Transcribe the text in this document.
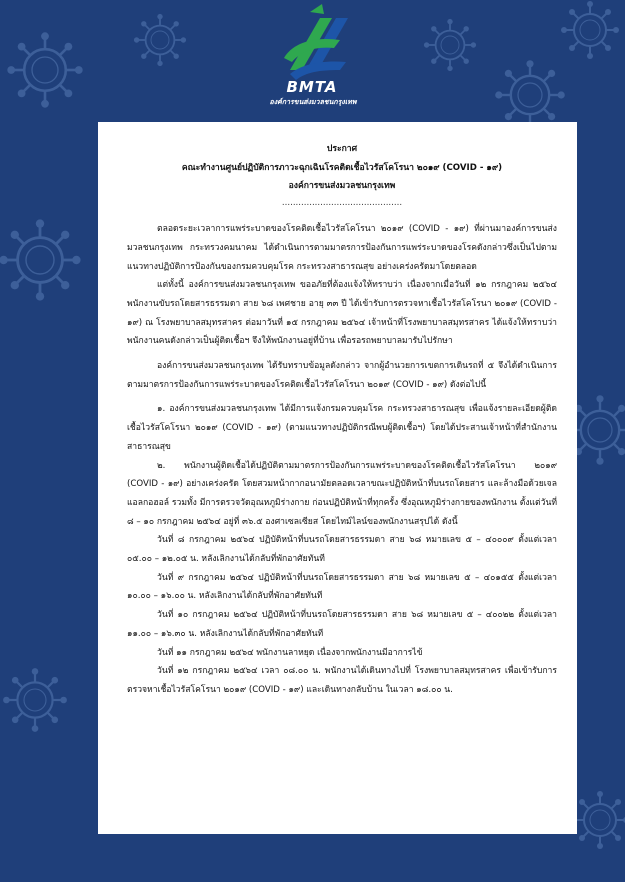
BMTA
องค์การขนส่งมวลชนกรุงเทพ
ประกาศ
คณะทำงานศูนย์ปฏิบัติการภาวะฉุกเฉินโรคติดเชื้อไวรัสโคโรนา ๒๐๑๙ (COVID - ๑๙)
องค์การขนส่งมวลชนกรุงเทพ
............................................

ตลอดระยะเวลาการแพร่ระบาดของโรคติดเชื้อไวรัสโคโรนา ๒๐๑๙ (COVID - ๑๙) ที่ผ่านมาองค์การขนส่งมวลชนกรุงเทพ กระทรวงคมนาคม ได้ดำเนินการตามมาตรการป้องกันการแพร่ระบาดของโรคดังกล่าวซึ่งเป็นไปตามแนวทางปฏิบัติการป้องกันของกรมควบคุมโรค กระทรวงสาธารณสุข อย่างเคร่งครัดมาโดยตลอด

แต่ทั้งนี้ องค์การขนส่งมวลชนกรุงเทพ ขออภัยที่ต้องแจ้งให้ทราบว่า เนื่องจากเมื่อวันที่ ๑๒ กรกฎาคม ๒๕๖๔ พนักงานขับรถโดยสารธรรมดา สาย ๖๘ เพศชาย อายุ ๓๓ ปี ได้เข้ารับการตรวจหาเชื้อไวรัสโคโรนา ๒๐๑๙ (COVID - ๑๙) ณ โรงพยาบาลสมุทรสาคร ต่อมาวันที่ ๑๕ กรกฎาคม ๒๕๖๔ เจ้าหน้าที่โรงพยาบาลสมุทรสาคร ได้แจ้งให้ทราบว่า พนักงานคนดังกล่าวเป็นผู้ติดเชื้อฯ จึงให้พนักงานอยู่ที่บ้าน เพื่อรอรถพยาบาลมารับไปรักษา

องค์การขนส่งมวลชนกรุงเทพ ได้รับทราบข้อมูลดังกล่าว จากผู้อำนวยการเขตการเดินรถที่ ๕ จึงได้ดำเนินการตามมาตรการป้องกันการแพร่ระบาดของโรคติดเชื้อไวรัสโคโรนา ๒๐๑๙ (COVID - ๑๙) ดังต่อไปนี้

๑. องค์การขนส่งมวลชนกรุงเทพ ได้มีการแจ้งกรมควบคุมโรค กระทรวงสาธารณสุข เพื่อแจ้งรายละเอียดผู้ติดเชื้อไวรัสโคโรนา ๒๐๑๙ (COVID - ๑๙) (ตามแนวทางปฏิบัติกรณีพบผู้ติดเชื้อฯ) โดยได้ประสานเจ้าหน้าที่สำนักงานสาธารณสุข

๒. พนักงานผู้ติดเชื้อได้ปฏิบัติตามมาตรการป้องกันการแพร่ระบาดของโรคติดเชื้อไวรัสโคโรนา ๒๐๑๙ (COVID - ๑๙) อย่างเคร่งครัด โดยสวมหน้ากากอนามัยตลอดเวลาขณะปฏิบัติหน้าที่บนรถโดยสาร และล้างมือด้วยเจลแอลกอฮอล์ รวมทั้ง มีการตรวจวัดอุณหภูมิร่างกาย ก่อนปฏิบัติหน้าที่ทุกครั้ง ซึ่งอุณหภูมิร่างกายของพนักงาน ตั้งแต่วันที่ ๘ – ๑๐ กรกฎาคม ๒๕๖๔ อยู่ที่ ๓๖.๕ องศาเซลเซียส โดยไทม์ไลน์ของพนักงานสรุปได้ ดังนี้

วันที่ ๘ กรกฎาคม ๒๕๖๔ ปฏิบัติหน้าที่บนรถโดยสารธรรมดา สาย ๖๘ หมายเลข ๕ – ๔๐๐๐๙ ตั้งแต่เวลา ๐๕.๐๐ – ๑๒.๐๕ น. หลังเลิกงานได้กลับที่พักอาศัยทันที

วันที่ ๙ กรกฎาคม ๒๕๖๔ ปฏิบัติหน้าที่บนรถโดยสารธรรมดา สาย ๖๘ หมายเลข ๕ – ๔๐๑๕๕ ตั้งแต่เวลา ๑๐.๐๐ – ๑๖.๐๐ น. หลังเลิกงานได้กลับที่พักอาศัยทันที

วันที่ ๑๐ กรกฎาคม ๒๕๖๔ ปฏิบัติหน้าที่บนรถโดยสารธรรมดา สาย ๖๘ หมายเลข ๕ – ๔๐๐๒๒ ตั้งแต่เวลา ๑๑.๐๐ – ๑๖.๓๐ น. หลังเลิกงานได้กลับที่พักอาศัยทันที

วันที่ ๑๑ กรกฎาคม ๒๕๖๔ พนักงานลาหยุด เนื่องจากพนักงานมีอาการไข้

วันที่ ๑๒ กรกฎาคม ๒๕๖๔ เวลา ๐๘.๐๐ น. พนักงานได้เดินทางไปที่ โรงพยาบาลสมุทรสาคร เพื่อเข้ารับการตรวจหาเชื้อไวรัสโคโรนา ๒๐๑๙ (COVID - ๑๙) และเดินทางกลับบ้าน ในเวลา ๑๘.๐๐ น.
